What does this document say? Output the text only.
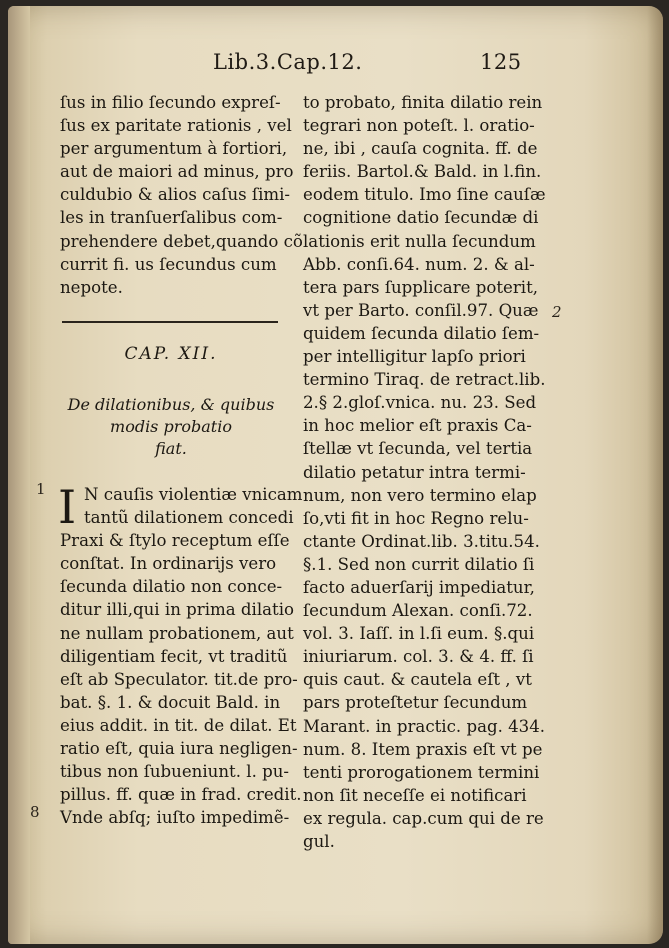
Lib.3.Cap.12.	125
ſus in filio ſecundo expreſ-
ſus ex paritate rationis , vel
per argumentum à fortiori,
aut de maiori ad minus, pro
culdubio & alios caſus ſimi-
les in tranſuerſalibus com-
prehendere debet,quando cõ
currit fi. us ſecundus cum
nepote.
CAP. XII.
De dilationibus, & quibus
modis probatio
fiat.
I N cauſis violentiæ vnicam
tantũ dilationem concedi
Praxi & ſtylo receptum eſſe
conſtat. In ordinarijs vero
ſecunda dilatio non conce-
ditur illi,qui in prima dilatio
ne nullam probationem, aut
diligentiam fecit, vt traditũ
eſt ab Speculator. tit.de pro-
bat. §. 1. & docuit Bald. in
eius addit. in tit. de dilat. Et
ratio eſt, quia iura negligen-
tibus non ſubueniunt. l. pu-
pillus. ff. quæ in frad. credit.
Vnde abſq; iuſto impedimẽ-
to probato, finita dilatio rein
tegrari non poteſt. l. oratio-
ne, ibi , cauſa cognita. ff. de
feriis. Bartol.& Bald. in l.fin.
eodem titulo. Imo ſine cauſæ
cognitione datio ſecundæ di
lationis erit nulla ſecundum
Abb. conſi.64. num. 2. & al-
tera pars ſupplicare poterit,
vt per Barto. conſil.97. Quæ
quidem ſecunda dilatio ſem-
per intelligitur lapſo priori
termino Tiraq. de retract.lib.
2.§ 2.gloſ.vnica. nu. 23. Sed
in hoc melior eſt praxis Ca-
ſtellæ vt ſecunda, vel tertia
dilatio petatur intra termi-
num, non vero termino elap
ſo,vti fit in hoc Regno relu-
ctante Ordinat.lib. 3.titu.54.
§.1. Sed non currit dilatio ſi
facto aduerſarij impediatur,
ſecundum Alexan. conſi.72.
vol. 3. Iaſſ. in l.ſi eum. §.qui
iniuriarum. col. 3. & 4. ff. ſi
quis caut. & cautela eſt , vt
pars proteſtetur ſecundum
Marant. in practic. pag. 434.
num. 8. Item praxis eſt vt pe
tenti prorogationem termini
non ſit neceſſe ei notificari
ex regula. cap.cum qui de re
gul.
1
2
8
